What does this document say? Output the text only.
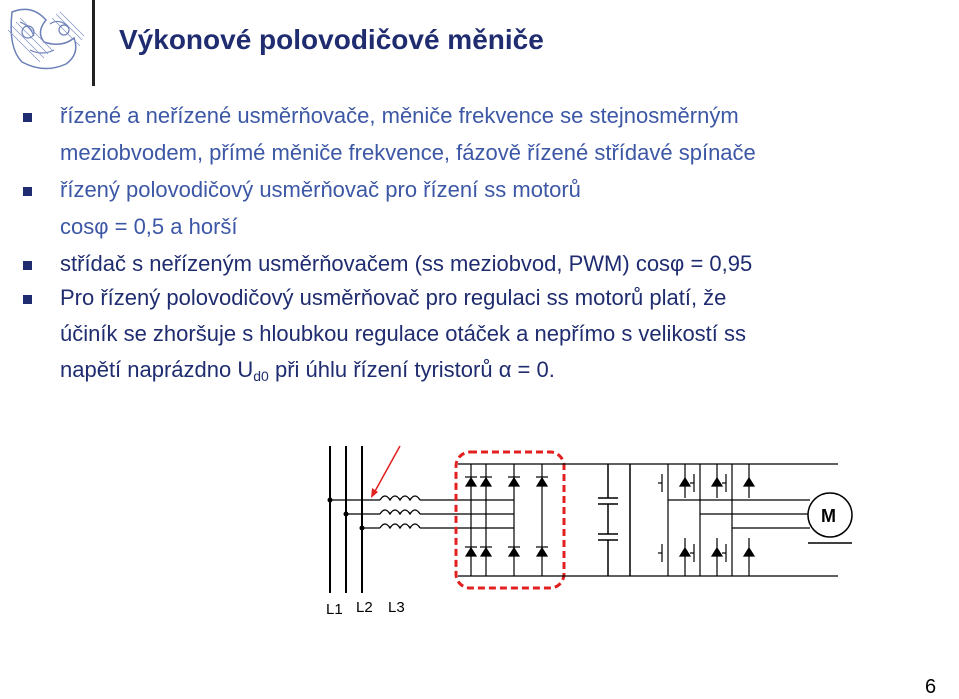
Výkonové polovodičové měniče
řízené a neřízené usměrňovače, měniče frekvence se stejnosměrným
meziobvodem, přímé měniče frekvence, fázově řízené střídavé spínače
řízený polovodičový usměrňovač pro řízení ss motorů
cosφ = 0,5 a horší
střídač s neřízeným usměrňovačem (ss meziobvod, PWM) cosφ = 0,95
Pro řízený polovodičový usměrňovač pro regulaci ss motorů platí, že
účiník se zhoršuje s hloubkou regulace otáček a nepřímo s velikostí ss
napětí naprázdno $U_{d0}$ při úhlu řízení tyristorů α = 0.
M
L1 L2 L3
6
